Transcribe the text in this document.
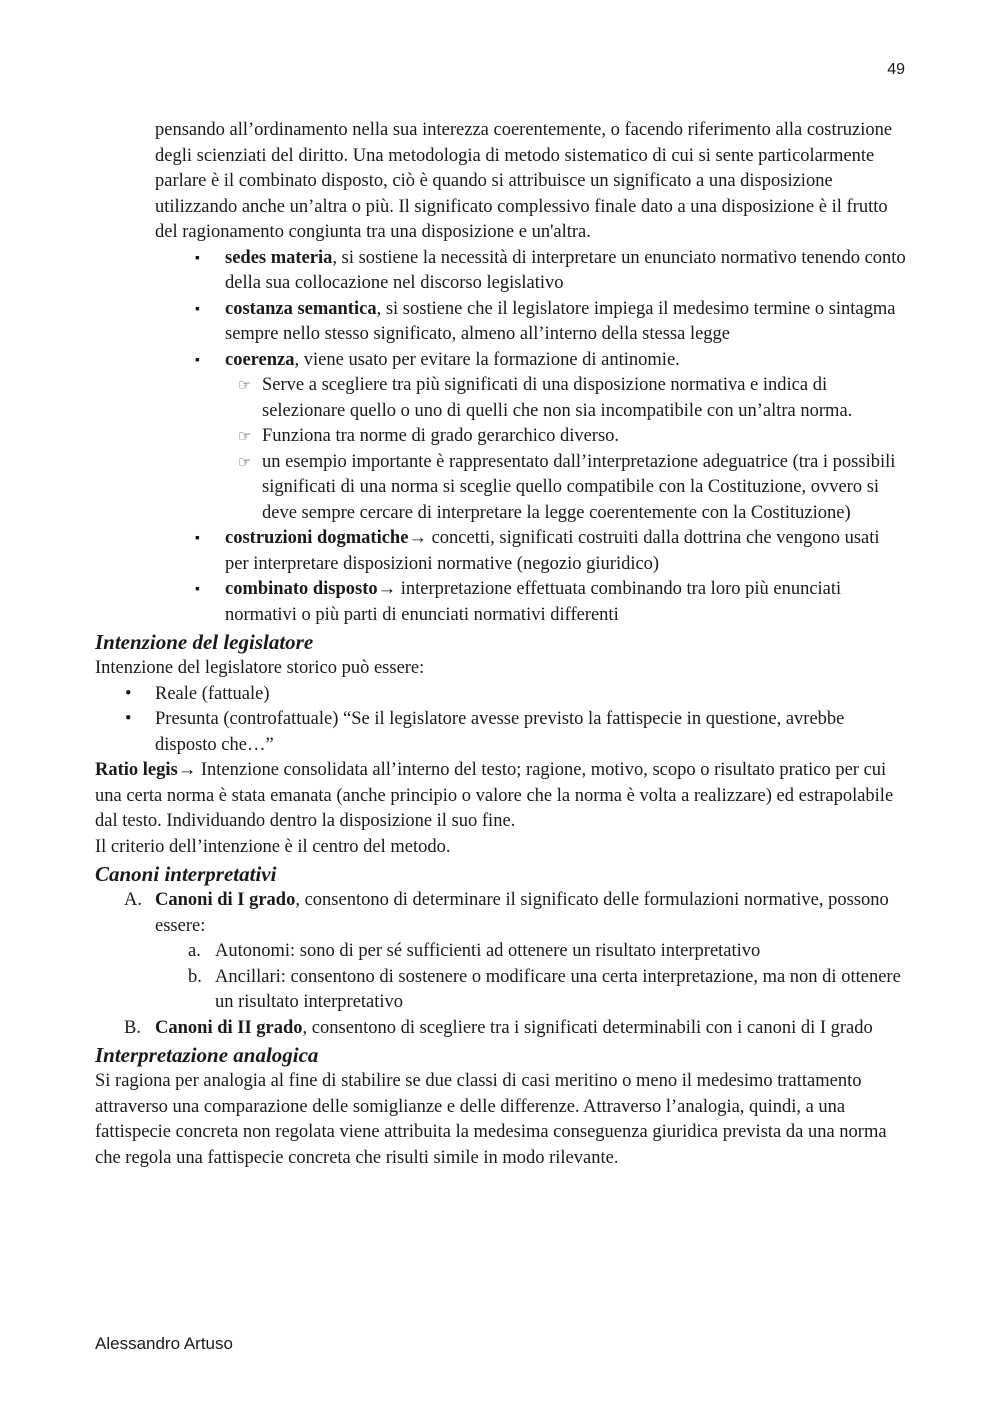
49

pensando all’ordinamento nella sua interezza coerentemente, o facendo riferimento alla costruzione degli scienziati del diritto. Una metodologia di metodo sistematico di cui si sente particolarmente parlare è il combinato disposto, ciò è quando si attribuisce un significato a una disposizione utilizzando anche un’altra o più. Il significato complessivo finale dato a una disposizione è il frutto del ragionamento congiunta tra una disposizione e un'altra.

▪ sedes materia, si sostiene la necessità di interpretare un enunciato normativo tenendo conto della sua collocazione nel discorso legislativo
▪ costanza semantica, si sostiene che il legislatore impiega il medesimo termine o sintagma sempre nello stesso significato, almeno all’interno della stessa legge
▪ coerenza, viene usato per evitare la formazione di antinomie.
☞ Serve a scegliere tra più significati di una disposizione normativa e indica di selezionare quello o uno di quelli che non sia incompatibile con un’altra norma.
☞ Funziona tra norme di grado gerarchico diverso.
☞ un esempio importante è rappresentato dall’interpretazione adeguatrice (tra i possibili significati di una norma si sceglie quello compatibile con la Costituzione, ovvero si deve sempre cercare di interpretare la legge coerentemente con la Costituzione)
▪ costruzioni dogmatiche→ concetti, significati costruiti dalla dottrina che vengono usati per interpretare disposizioni normative (negozio giuridico)
▪ combinato disposto→ interpretazione effettuata combinando tra loro più enunciati normativi o più parti di enunciati normativi differenti
Intenzione del legislatore

Intenzione del legislatore storico può essere:

• Reale (fattuale)
• Presunta (controfattuale) “Se il legislatore avesse previsto la fattispecie in questione, avrebbe disposto che…”

Ratio legis→ Intenzione consolidata all’interno del testo; ragione, motivo, scopo o risultato pratico per cui una certa norma è stata emanata (anche principio o valore che la norma è volta a realizzare) ed estrapolabile dal testo. Individuando dentro la disposizione il suo fine.

Il criterio dell’intenzione è il centro del metodo.

Canoni interpretativi
A. Canoni di I grado, consentono di determinare il significato delle formulazioni normative, possono essere:
a. Autonomi: sono di per sé sufficienti ad ottenere un risultato interpretativo
b. Ancillari: consentono di sostenere o modificare una certa interpretazione, ma non di ottenere un risultato interpretativo
B. Canoni di II grado, consentono di scegliere tra i significati determinabili con i canoni di I grado
Interpretazione analogica

Si ragiona per analogia al fine di stabilire se due classi di casi meritino o meno il medesimo trattamento attraverso una comparazione delle somiglianze e delle differenze. Attraverso l’analogia, quindi, a una fattispecie concreta non regolata viene attribuita la medesima conseguenza giuridica prevista da una norma che regola una fattispecie concreta che risulti simile in modo rilevante.

Alessandro Artuso
